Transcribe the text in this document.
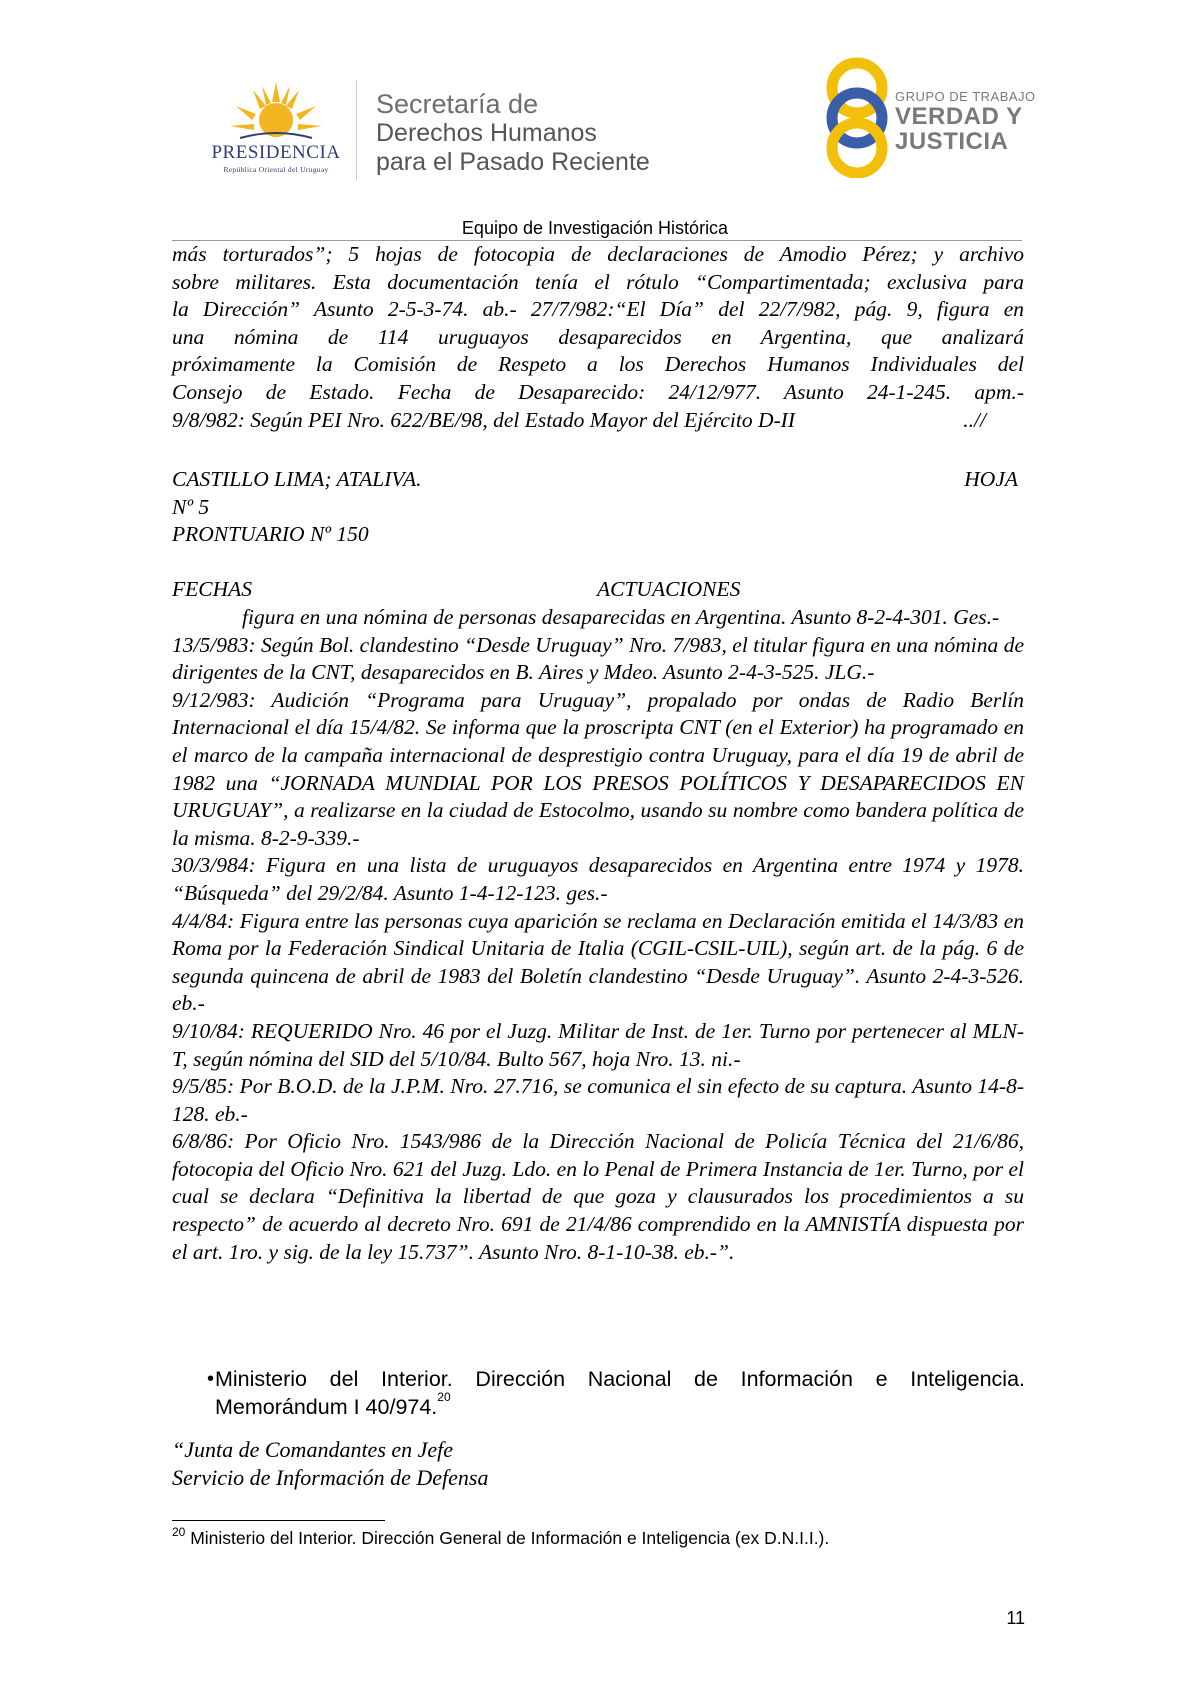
PRESIDENCIA
República Oriental del Uruguay
Secretaría de
Derechos Humanos
para el Pasado Reciente
GRUPO DE TRABAJO
VERDAD Y
JUSTICIA
Equipo de Investigación Histórica
más torturados”; 5 hojas de fotocopia de declaraciones de Amodio Pérez; y archivo
sobre militares. Esta documentación tenía el rótulo “Compartimentada; exclusiva para
la Dirección” Asunto 2-5-3-74. ab.- 27/7/982:“El Día” del 22/7/982, pág. 9, figura en
una nómina de 114 uruguayos desaparecidos en Argentina, que analizará
próximamente la Comisión de Respeto a los Derechos Humanos Individuales del
Consejo de Estado. Fecha de Desaparecido: 24/12/977. Asunto 24-1-245. apm.-
9/8/982: Según PEI Nro. 622/BE/98, del Estado Mayor del Ejército D-II	..//
CASTILLO LIMA; ATALIVA.	HOJA
Nº 5
PRONTUARIO Nº 150
FECHAS	ACTUACIONES
figura en una nómina de personas desaparecidas en Argentina. Asunto 8-2-4-301. Ges.-
13/5/983: Según Bol. clandestino “Desde Uruguay” Nro. 7/983, el titular figura en una nómina de dirigentes de la CNT, desaparecidos en B. Aires y Mdeo. Asunto 2-4-3-525. JLG.-
9/12/983: Audición “Programa para Uruguay”, propalado por ondas de Radio Berlín Internacional el día 15/4/82. Se informa que la proscripta CNT (en el Exterior) ha programado en el marco de la campaña internacional de desprestigio contra Uruguay, para el día 19 de abril de 1982 una “JORNADA MUNDIAL POR LOS PRESOS POLÍTICOS Y DESAPARECIDOS EN URUGUAY”, a realizarse en la ciudad de Estocolmo, usando su nombre como bandera política de la misma. 8-2-9-339.-
30/3/984: Figura en una lista de uruguayos desaparecidos en Argentina entre 1974 y 1978. “Búsqueda” del 29/2/84. Asunto 1-4-12-123. ges.-
4/4/84: Figura entre las personas cuya aparición se reclama en Declaración emitida el 14/3/83 en Roma por la Federación Sindical Unitaria de Italia (CGIL-CSIL-UIL), según art. de la pág. 6 de segunda quincena de abril de 1983 del Boletín clandestino “Desde Uruguay”. Asunto 2-4-3-526. eb.-
9/10/84: REQUERIDO Nro. 46 por el Juzg. Militar de Inst. de 1er. Turno por pertenecer al MLN-T, según nómina del SID del 5/10/84. Bulto 567, hoja Nro. 13. ni.-
9/5/85: Por B.O.D. de la J.P.M. Nro. 27.716, se comunica el sin efecto de su captura. Asunto 14-8-128. eb.-
6/8/86: Por Oficio Nro. 1543/986 de la Dirección Nacional de Policía Técnica del 21/6/86, fotocopia del Oficio Nro. 621 del Juzg. Ldo. en lo Penal de Primera Instancia de 1er. Turno, por el cual se declara “Definitiva la libertad de que goza y clausurados los procedimientos a su respecto” de acuerdo al decreto Nro. 691 de 21/4/86 comprendido en la AMNISTÍA dispuesta por el art. 1ro. y sig. de la ley 15.737”. Asunto Nro. 8-1-10-38. eb.-”.
• Ministerio del Interior. Dirección Nacional de Información e Inteligencia. Memorándum I 40/974.20
“Junta de Comandantes en Jefe
Servicio de Información de Defensa
$^{20}$ Ministerio del Interior. Dirección General de Información e Inteligencia (ex D.N.I.I.).
11
